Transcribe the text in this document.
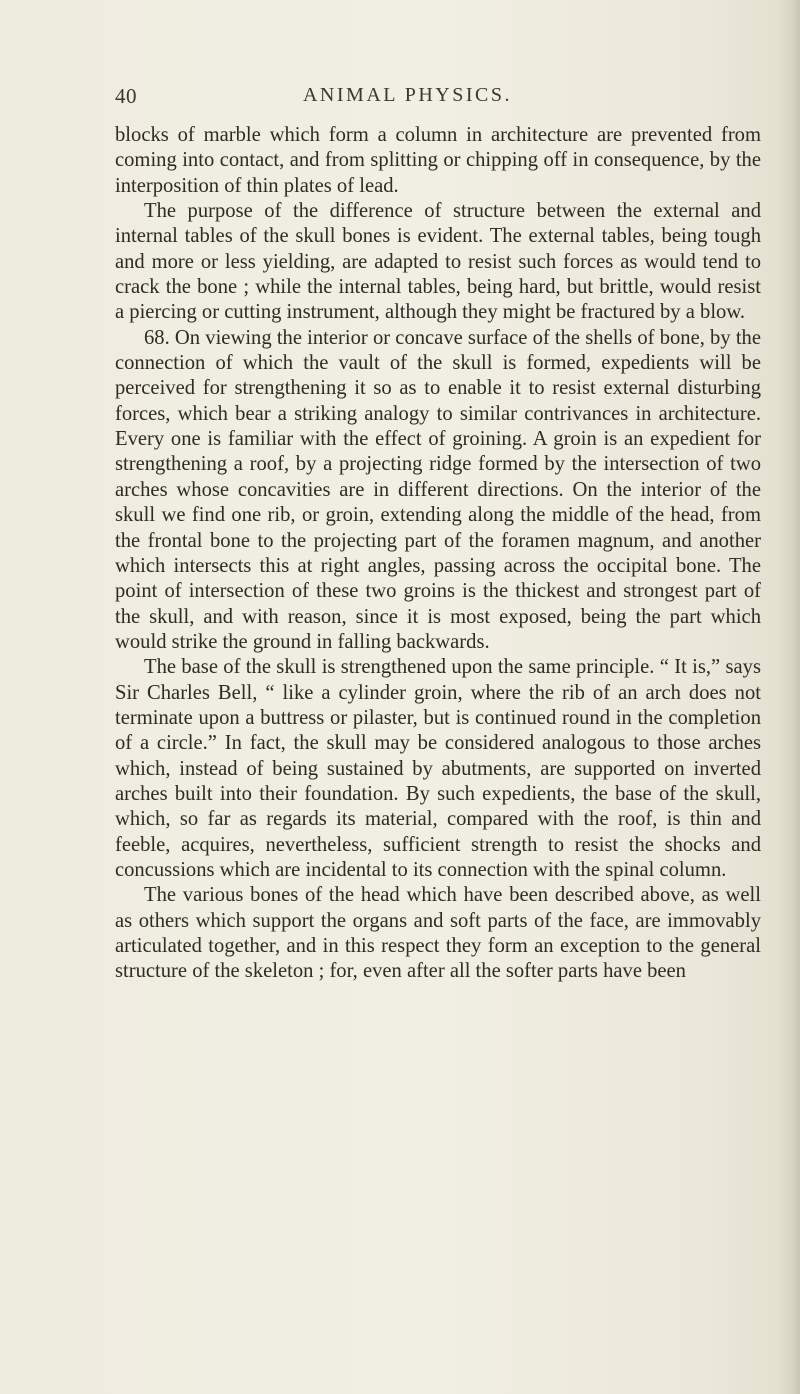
40	ANIMAL PHYSICS.

blocks of marble which form a column in architecture are prevented from coming into contact, and from splitting or chipping off in consequence, by the interposition of thin plates of lead.

The purpose of the difference of structure between the external and internal tables of the skull bones is evident. The external tables, being tough and more or less yielding, are adapted to resist such forces as would tend to crack the bone ; while the internal tables, being hard, but brittle, would resist a piercing or cutting instrument, although they might be fractured by a blow.

68. On viewing the interior or concave surface of the shells of bone, by the connection of which the vault of the skull is formed, expedients will be perceived for strengthening it so as to enable it to resist external disturbing forces, which bear a striking analogy to similar contrivances in architecture. Every one is familiar with the effect of groining. A groin is an expedient for strengthening a roof, by a projecting ridge formed by the intersection of two arches whose concavities are in different directions. On the interior of the skull we find one rib, or groin, extending along the middle of the head, from the frontal bone to the projecting part of the foramen magnum, and another which intersects this at right angles, passing across the occipital bone. The point of intersection of these two groins is the thickest and strongest part of the skull, and with reason, since it is most exposed, being the part which would strike the ground in falling backwards.

The base of the skull is strengthened upon the same principle. “ It is,” says Sir Charles Bell, “ like a cylinder groin, where the rib of an arch does not terminate upon a buttress or pilaster, but is continued round in the completion of a circle.” In fact, the skull may be considered analogous to those arches which, instead of being sustained by abutments, are supported on inverted arches built into their foundation. By such expedients, the base of the skull, which, so far as regards its material, compared with the roof, is thin and feeble, acquires, nevertheless, sufficient strength to resist the shocks and concussions which are incidental to its connection with the spinal column.

The various bones of the head which have been described above, as well as others which support the organs and soft parts of the face, are immovably articulated together, and in this respect they form an exception to the general structure of the skeleton ; for, even after all the softer parts have been
